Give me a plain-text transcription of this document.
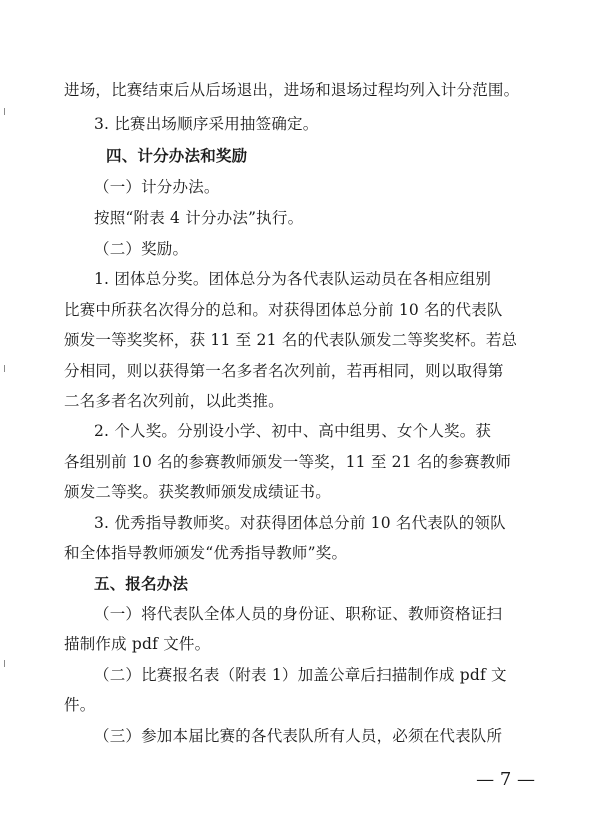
进场，比赛结束后从后场退出，进场和退场过程均列入计分范围。
3. 比赛出场顺序采用抽签确定。
四、计分办法和奖励
（一）计分办法。
按照“附表 4 计分办法”执行。
（二）奖励。
1. 团体总分奖。团体总分为各代表队运动员在各相应组别
比赛中所获名次得分的总和。对获得团体总分前 10 名的代表队
颁发一等奖奖杯，获 11 至 21 名的代表队颁发二等奖奖杯。若总
分相同，则以获得第一名多者名次列前，若再相同，则以取得第
二名多者名次列前，以此类推。
2. 个人奖。分别设小学、初中、高中组男、女个人奖。获
各组别前 10 名的参赛教师颁发一等奖，11 至 21 名的参赛教师
颁发二等奖。获奖教师颁发成绩证书。
3. 优秀指导教师奖。对获得团体总分前 10 名代表队的领队
和全体指导教师颁发“优秀指导教师”奖。
五、报名办法
（一）将代表队全体人员的身份证、职称证、教师资格证扫
描制作成 pdf 文件。
（二）比赛报名表（附表 1）加盖公章后扫描制作成 pdf 文
件。
（三）参加本届比赛的各代表队所有人员，必须在代表队所
— 7 —
